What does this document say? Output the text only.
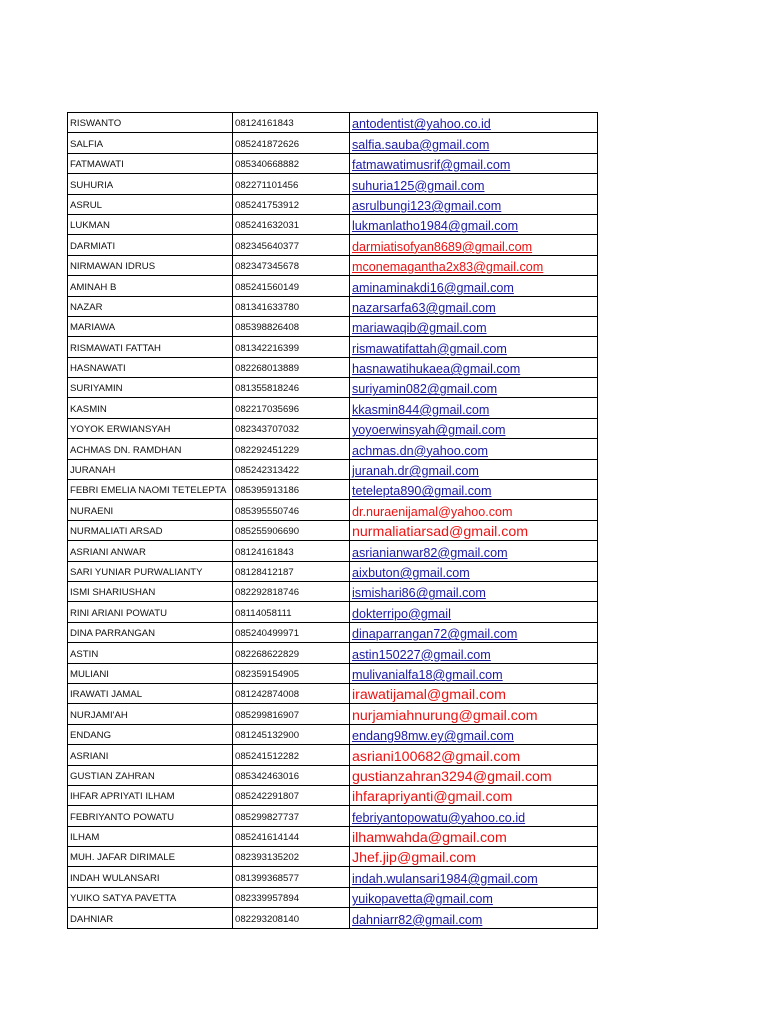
RISWANTO	08124161843	antodentist@yahoo.co.id
SALFIA	085241872626	salfia.sauba@gmail.com
FATMAWATI	085340668882	fatmawatimusrif@gmail.com
SUHURIA	082271101456	suhuria125@gmail.com
ASRUL	085241753912	asrulbungi123@gmail.com
LUKMAN	085241632031	lukmanlatho1984@gmail.com
DARMIATI	082345640377	darmiatisofyan8689@gmail.com
NIRMAWAN IDRUS	082347345678	mconemagantha2x83@gmail.com
AMINAH B	085241560149	aminaminakdi16@gmail.com
NAZAR	081341633780	nazarsarfa63@gmail.com
MARIAWA	085398826408	mariawaqib@gmail.com
RISMAWATI FATTAH	081342216399	rismawatifattah@gmail.com
HASNAWATI	082268013889	hasnawatihukaea@gmail.com
SURIYAMIN	081355818246	suriyamin082@gmail.com
KASMIN	082217035696	kkasmin844@gmail.com
YOYOK ERWIANSYAH	082343707032	yoyoerwinsyah@gmail.com
ACHMAS DN. RAMDHAN	082292451229	achmas.dn@yahoo.com
JURANAH	085242313422	juranah.dr@gmail.com
FEBRI EMELIA NAOMI TETELEPTA	085395913186	tetelepta890@gmail.com
NURAENI	085395550746	dr.nuraenijamal@yahoo.com
NURMALIATI ARSAD	085255906690	nurmaliatiarsad@gmail.com
ASRIANI ANWAR	08124161843	asrianianwar82@gmail.com
SARI YUNIAR PURWALIANTY	08128412187	aixbuton@gmail.com
ISMI SHARIUSHAN	082292818746	ismishari86@gmail.com
RINI ARIANI POWATU	08114058111	dokterripo@gmail
DINA PARRANGAN	085240499971	dinaparrangan72@gmail.com
ASTIN	082268622829	astin150227@gmail.com
MULIANI	082359154905	mulivanialfa18@gmail.com
IRAWATI JAMAL	081242874008	irawatijamal@gmail.com
NURJAMI'AH	085299816907	nurjamiahnurung@gmail.com
ENDANG	081245132900	endang98mw.ey@gmail.com
ASRIANI	085241512282	asriani100682@gmail.com
GUSTIAN ZAHRAN	085342463016	gustianzahran3294@gmail.com
IHFAR APRIYATI ILHAM	085242291807	ihfarapriyanti@gmail.com
FEBRIYANTO POWATU	085299827737	febriyantopowatu@yahoo.co.id
ILHAM	085241614144	ilhamwahda@gmail.com
MUH. JAFAR DIRIMALE	082393135202	Jhef.jip@gmail.com
INDAH WULANSARI	081399368577	indah.wulansari1984@gmail.com
YUIKO SATYA PAVETTA	082339957894	yuikopavetta@gmail.com
DAHNIAR	082293208140	dahniarr82@gmail.com
